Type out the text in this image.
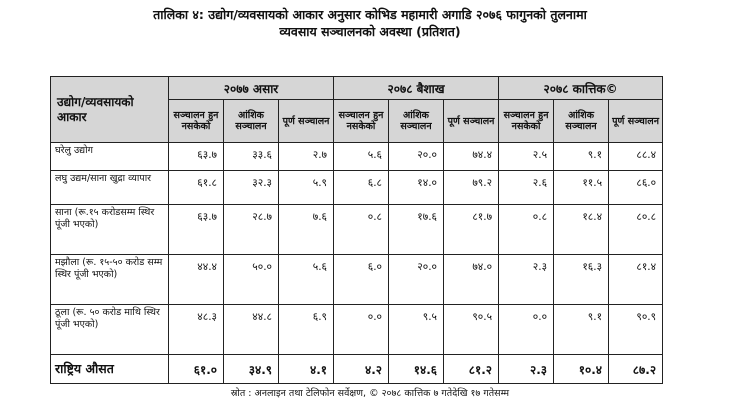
तालिका ४: उद्योग/व्यवसायको आकार अनुसार कोभिड महामारी अगाडि २०७६ फागुनको तुलनामा
व्यवसाय सञ्चालनको अवस्था (प्रतिशत)
उद्योग/व्यवसायको आकार	२०७७ असार			२०७८ बैशाख			२०७८ कात्तिक©		
	सञ्चालन हुन नसकेको	आंशिक सञ्चालन	पूर्ण सञ्चालन	सञ्चालन हुन नसकेको	आंशिक सञ्चालन	पूर्ण सञ्चालन	सञ्चालन हुन नसकेको	आंशिक सञ्चालन	पूर्ण सञ्चालन
घरेलु उद्योग	६३.७	३३.६	२.७	५.६	२०.०	७४.४	२.५	९.१	८८.४
लघु उद्यम/साना खुद्रा व्यापार	६१.८	३२.३	५.९	६.८	१४.०	७९.२	२.६	११.५	८६.०
साना (रू.१५ करोडसम्म स्थिर पूंजी भएको)	६३.७	२८.७	७.६	०.८	१७.६	८१.७	०.८	१८.४	८०.८
मझौला (रू. १५-५० करोड सम्म स्थिर पूंजी भएको)	४४.४	५०.०	५.६	६.०	२०.०	७४.०	२.३	१६.३	८१.४
ठूला (रू. ५० करोड माथि स्थिर पूंजी भएको)	४८.३	४४.८	६.९	०.०	९.५	९०.५	०.०	९.१	९०.९
राष्ट्रिय औसत	६१.०	३४.९	४.१	४.२	१४.६	८१.२	२.३	१०.४	८७.२
स्रोत : अनलाइन तथा टेलिफोन सर्वेक्षण, © २०७८ कात्तिक ७ गतेदेखि १७ गतेसम्म
